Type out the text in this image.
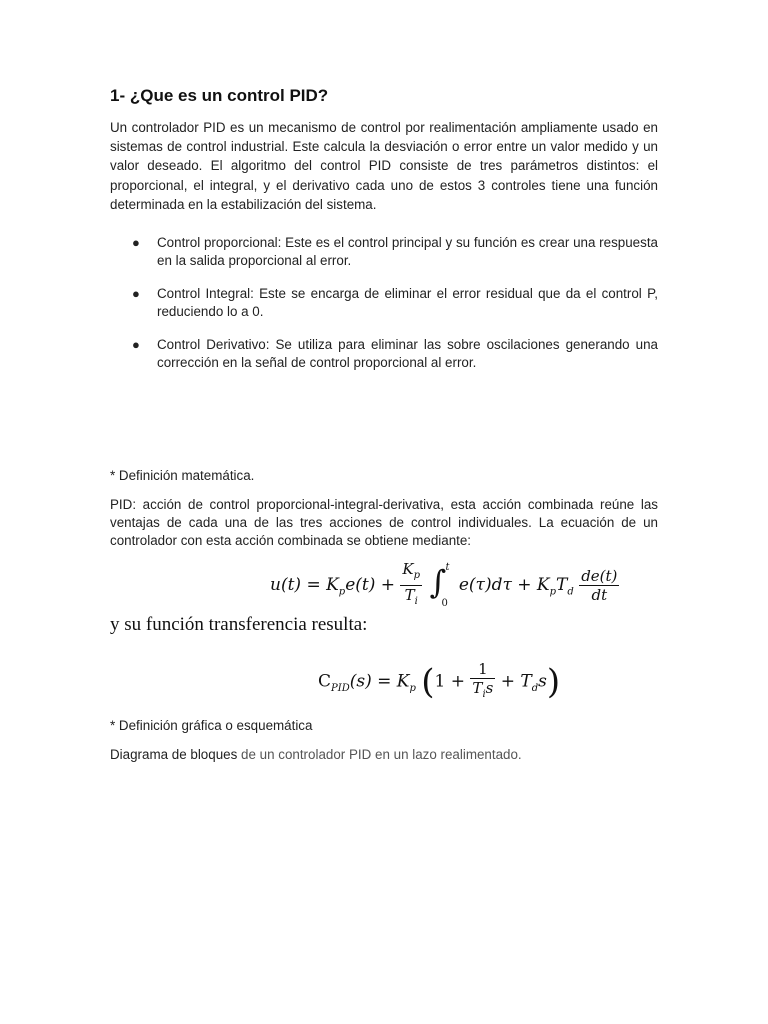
1- ¿Que es un control PID?

Un controlador PID es un mecanismo de control por realimentación ampliamente usado en sistemas de control industrial. Este calcula la desviación o error entre un valor medido y un valor deseado. El algoritmo del control PID consiste de tres parámetros distintos: el proporcional, el integral, y el derivativo cada uno de estos 3 controles tiene una función determinada en la estabilización del sistema.

● Control proporcional: Este es el control principal y su función es crear una respuesta en la salida proporcional al error.
● Control Integral: Este se encarga de eliminar el error residual que da el control P, reduciendo lo a 0.
● Control Derivativo: Se utiliza para eliminar las sobre oscilaciones generando una corrección en la señal de control proporcional al error.
* Definición matemática.
PID: acción de control proporcional-integral-derivativa, esta acción combinada reúne las ventajas de cada una de las tres acciones de control individuales. La ecuación de un controlador con esta acción combinada se obtiene mediante:
$u(t) = K_pe(t) + \frac{K_p}{T_i}$
∫ t
0
$e(\tau)d\tau + K_pT_d \frac{de(t)}{dt}$
y su función transferencia resulta:
$C_{PID}(s) = K_p$ $(1 + \frac{1}{T_is} + T_ds)$
* Definición gráfica o esquemática
Diagrama de bloques de un controlador PID en un lazo realimentado.
